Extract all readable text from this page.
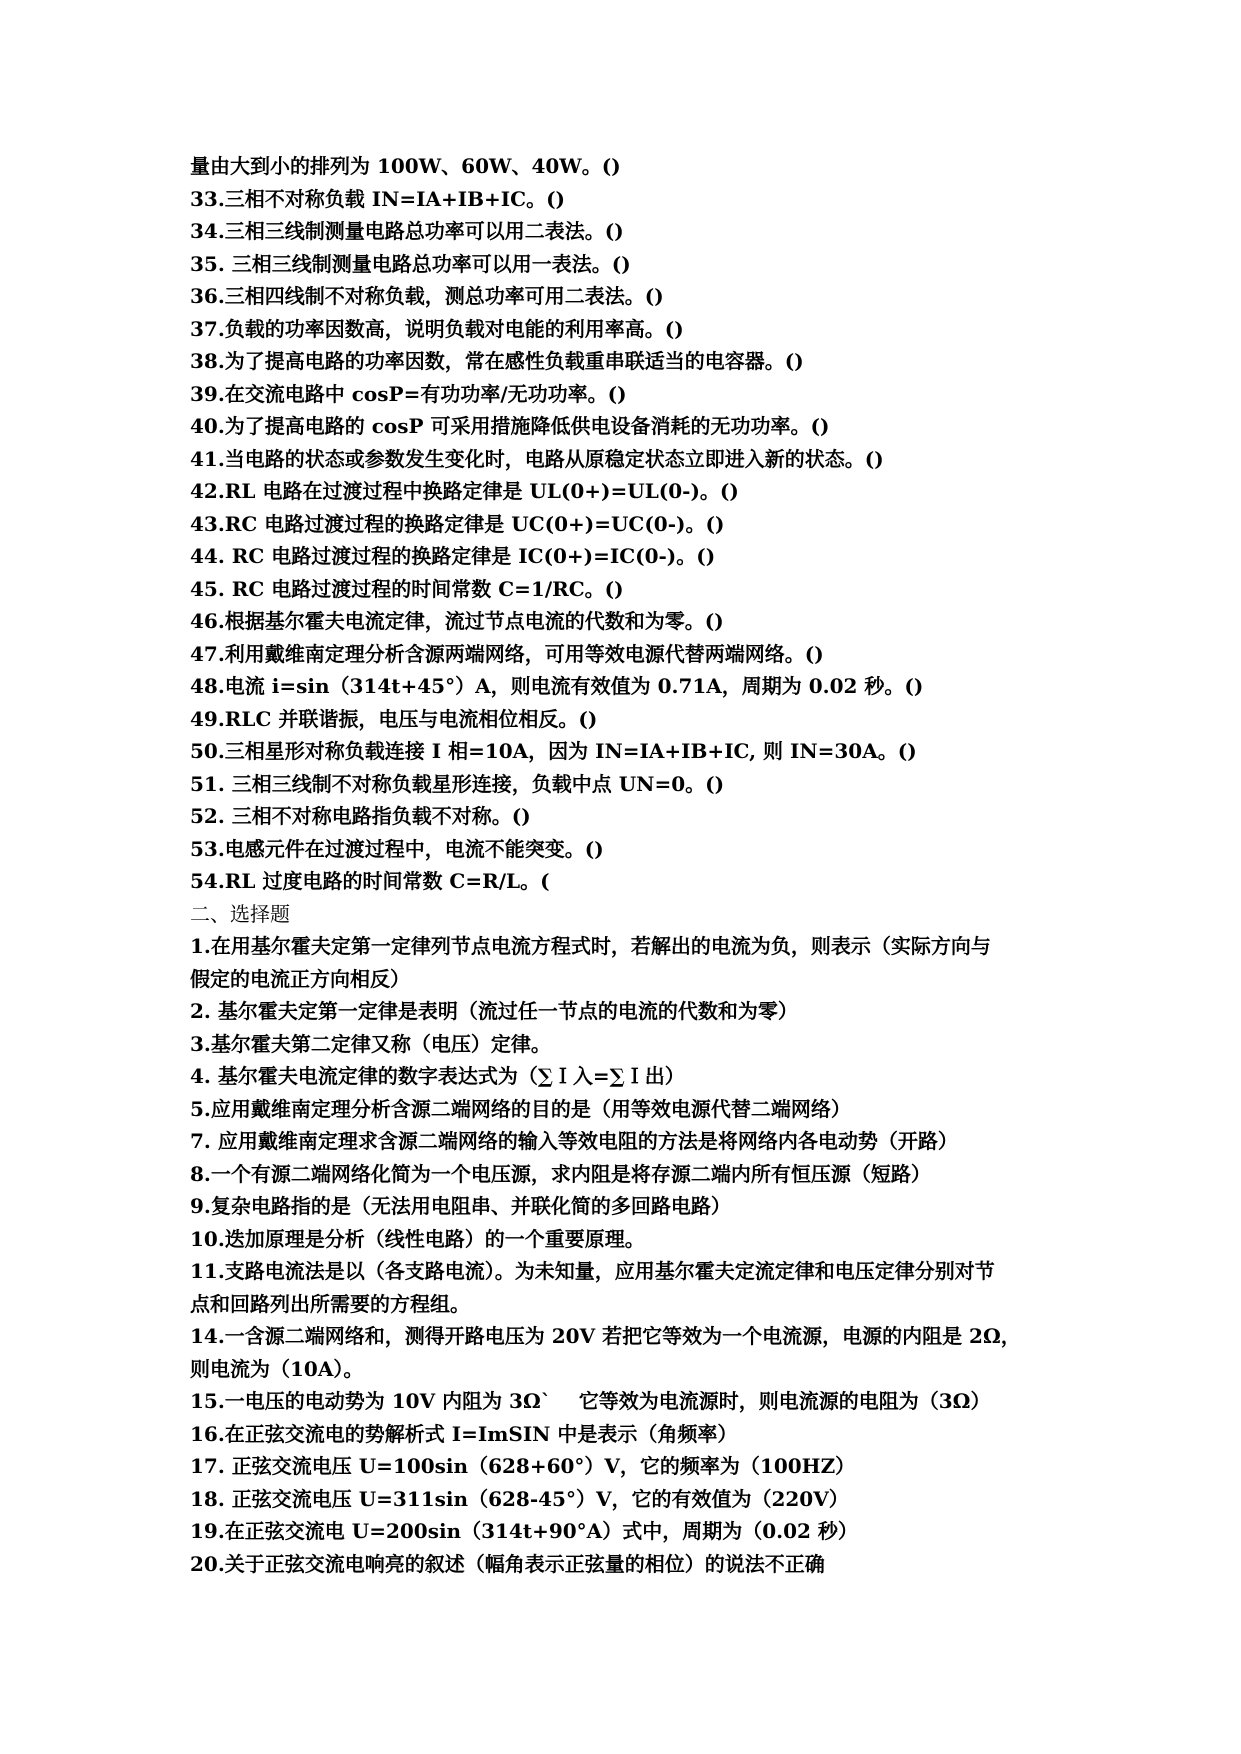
量由大到小的排列为 100W、60W、40W。()
33.三相不对称负载 IN=IA+IB+IC。()
34.三相三线制测量电路总功率可以用二表法。()
35. 三相三线制测量电路总功率可以用一表法。()
36.三相四线制不对称负载，测总功率可用二表法。()
37.负载的功率因数高，说明负载对电能的利用率高。()
38.为了提高电路的功率因数，常在感性负载重串联适当的电容器。()
39.在交流电路中 cosP=有功功率/无功功率。()
40.为了提高电路的 cosP 可采用措施降低供电设备消耗的无功功率。()
41.当电路的状态或参数发生变化时，电路从原稳定状态立即进入新的状态。()
42.RL 电路在过渡过程中换路定律是 UL(0+)=UL(0-)。()
43.RC 电路过渡过程的换路定律是 UC(0+)=UC(0-)。()
44. RC 电路过渡过程的换路定律是 IC(0+)=IC(0-)。()
45. RC 电路过渡过程的时间常数 C=1/RC。()
46.根据基尔霍夫电流定律，流过节点电流的代数和为零。()
47.利用戴维南定理分析含源两端网络，可用等效电源代替两端网络。()
48.电流 i=sin（314t+45°）A，则电流有效值为 0.71A，周期为 0.02 秒。()
49.RLC 并联谐振，电压与电流相位相反。()
50.三相星形对称负载连接 I 相=10A，因为 IN=IA+IB+IC, 则 IN=30A。()
51. 三相三线制不对称负载星形连接，负载中点 UN=0。()
52. 三相不对称电路指负载不对称。()
53.电感元件在过渡过程中，电流不能突变。()
54.RL 过度电路的时间常数 C=R/L。(
二、选择题
1.在用基尔霍夫定第一定律列节点电流方程式时，若解出的电流为负，则表示（实际方向与
假定的电流正方向相反）
2. 基尔霍夫定第一定律是表明（流过任一节点的电流的代数和为零）
3.基尔霍夫第二定律又称（电压）定律。
4. 基尔霍夫电流定律的数字表达式为（∑Ｉ入=∑Ｉ出）
5.应用戴维南定理分析含源二端网络的目的是（用等效电源代替二端网络）
7. 应用戴维南定理求含源二端网络的输入等效电阻的方法是将网络内各电动势（开路）
8.一个有源二端网络化简为一个电压源，求内阻是将存源二端内所有恒压源（短路）
9.复杂电路指的是（无法用电阻串、并联化简的多回路电路）
10.迭加原理是分析（线性电路）的一个重要原理。
11.支路电流法是以（各支路电流）。为未知量，应用基尔霍夫定流定律和电压定律分别对节
点和回路列出所需要的方程组。
14.一含源二端网络和，测得开路电压为 20V 若把它等效为一个电流源，电源的内阻是 2Ω，
则电流为（10A）。
15.一电压的电动势为 10V 内阻为 3Ω` 它等效为电流源时，则电流源的电阻为（3Ω）
16.在正弦交流电的势解析式 I=ImSIN 中是表示（角频率）
17. 正弦交流电压 U=100sin（628+60°）V，它的频率为（100HZ）
18. 正弦交流电压 U=311sin（628-45°）V，它的有效值为（220V）
19.在正弦交流电 U=200sin（314t+90°A）式中，周期为（0.02 秒）
20.关于正弦交流电响亮的叙述（幅角表示正弦量的相位）的说法不正确
